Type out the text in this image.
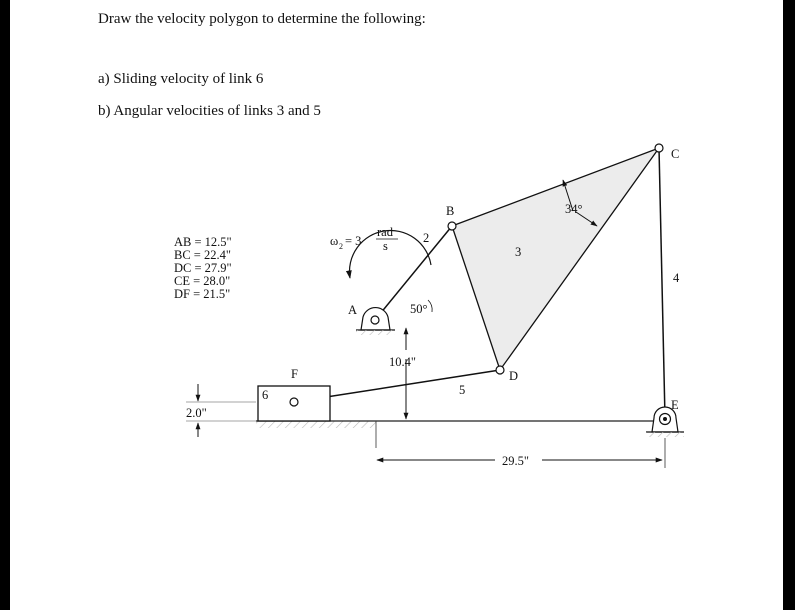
Draw the velocity polygon to determine the following:
a) Sliding velocity of link 6
b) Angular velocities of links 3 and 5
AB = 12.5"
BC = 22.4"
DC = 27.9"
CE = 28.0"
DF = 21.5"
ω 2 = 3
rad
s
A
B
C
D
E
F
2
3
4
5
6
50°
34°
10.4"
2.0"
29.5"
